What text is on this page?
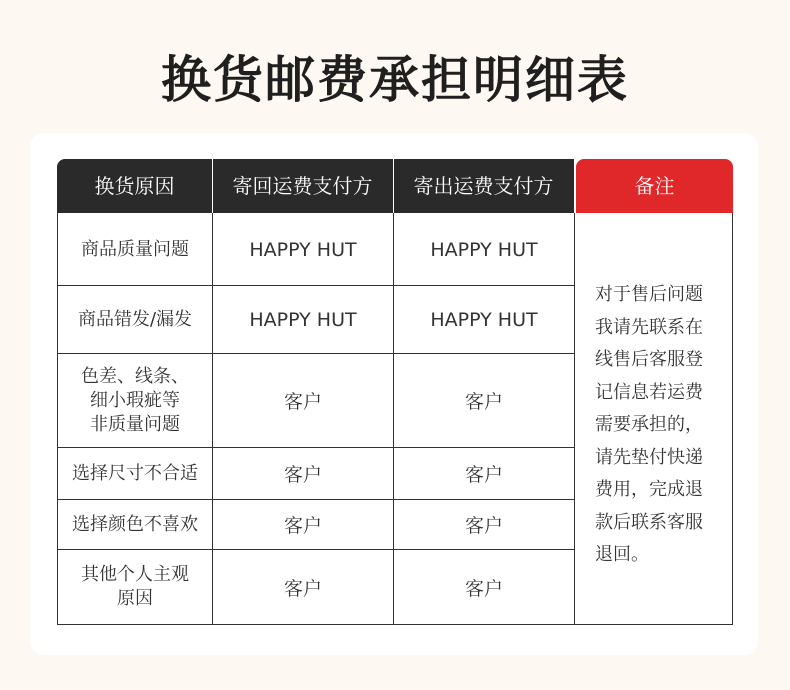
换货邮费承担明细表
换货原因	寄回运费支付方	寄出运费支付方	备注
商品质量问题	HAPPY HUT	HAPPY HUT
商品错发/漏发	HAPPY HUT	HAPPY HUT
色差、线条、
细小瑕疵等
非质量问题
客户	客户
选择尺寸不合适	客户	客户
选择颜色不喜欢	客户	客户
其他个人主观
原因	客户	客户
对于售后问题
我请先联系在
线售后客服登
记信息若运费
需要承担的，
请先垫付快递
费用，完成退
款后联系客服
退回。
